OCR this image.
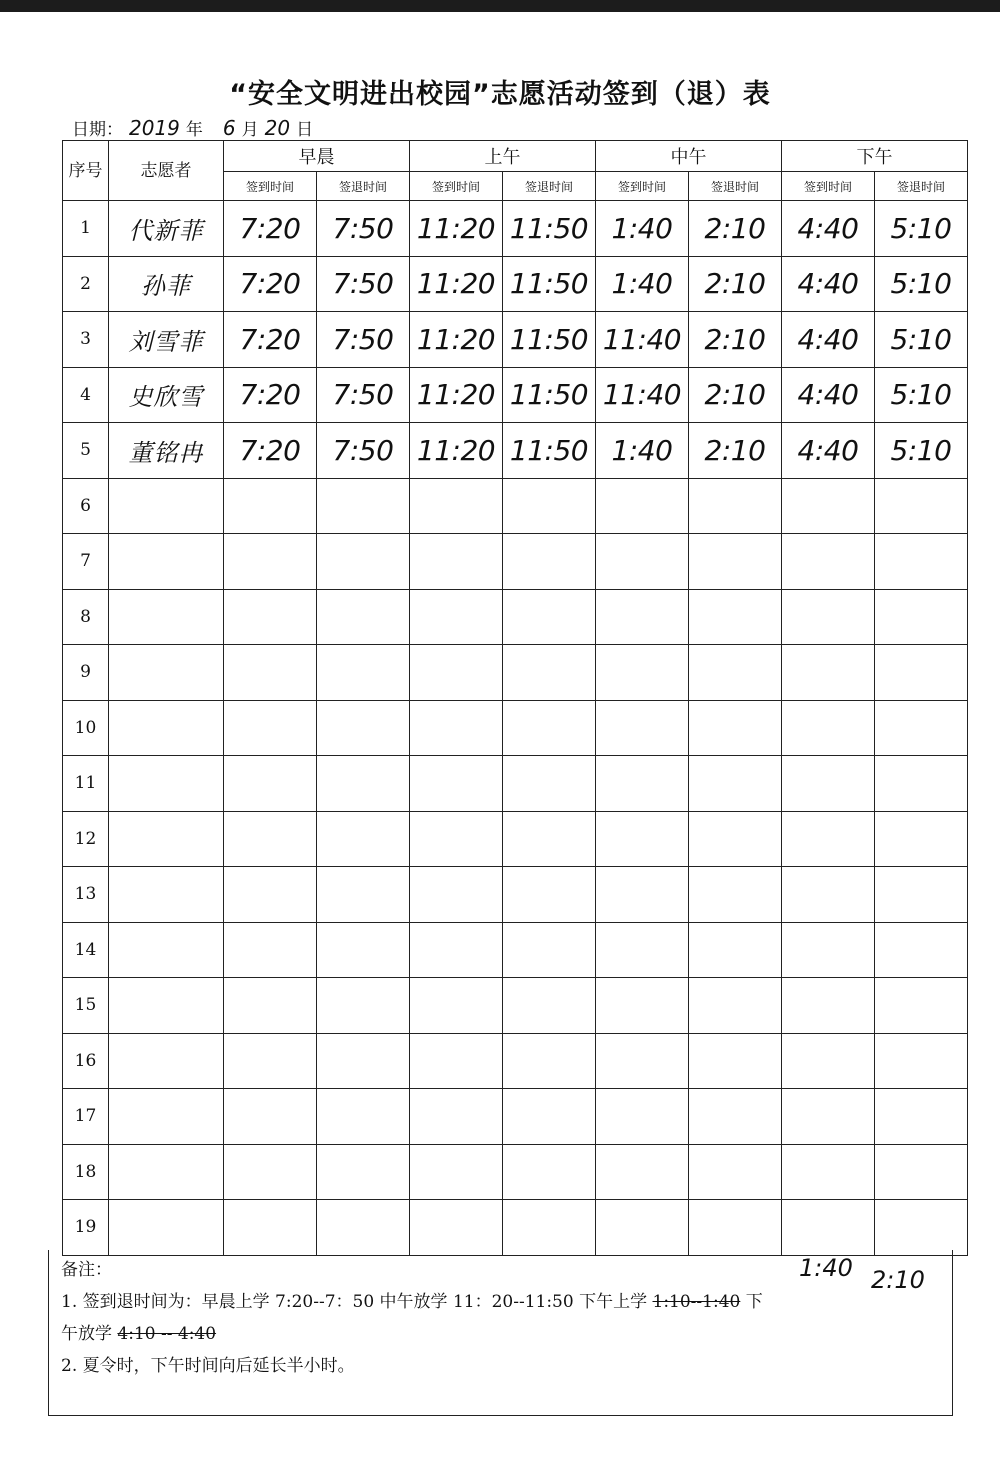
“安全文明进出校园”志愿活动签到（退）表
日期： 2019 年 6 月 20 日
序号	志愿者	早晨		上午		中午		下午	
		签到时间	签退时间	签到时间	签退时间	签到时间	签退时间	签到时间	签退时间
1	代新菲	7:20	7:50	11:20	11:50	1:40	2:10	4:40	5:10
2	孙菲	7:20	7:50	11:20	11:50	1:40	2:10	4:40	5:10
3	刘雪菲	7:20	7:50	11:20	11:50	11:40	2:10	4:40	5:10
4	史欣雪	7:20	7:50	11:20	11:50	11:40	2:10	4:40	5:10
5	董铭冉	7:20	7:50	11:20	11:50	1:40	2:10	4:40	5:10
6									
7									
8									
9									
10									
11									
12									
13									
14									
15									
16									
17									
18									
19									
备注：
1. 签到退时间为：早晨上学 7:20--7：50 中午放学 11：20--11:50 下午上学 1:10--1:40 下
午放学 4:10 -- 4:40
2. 夏令时，下午时间向后延长半小时。
1:40 2:10
